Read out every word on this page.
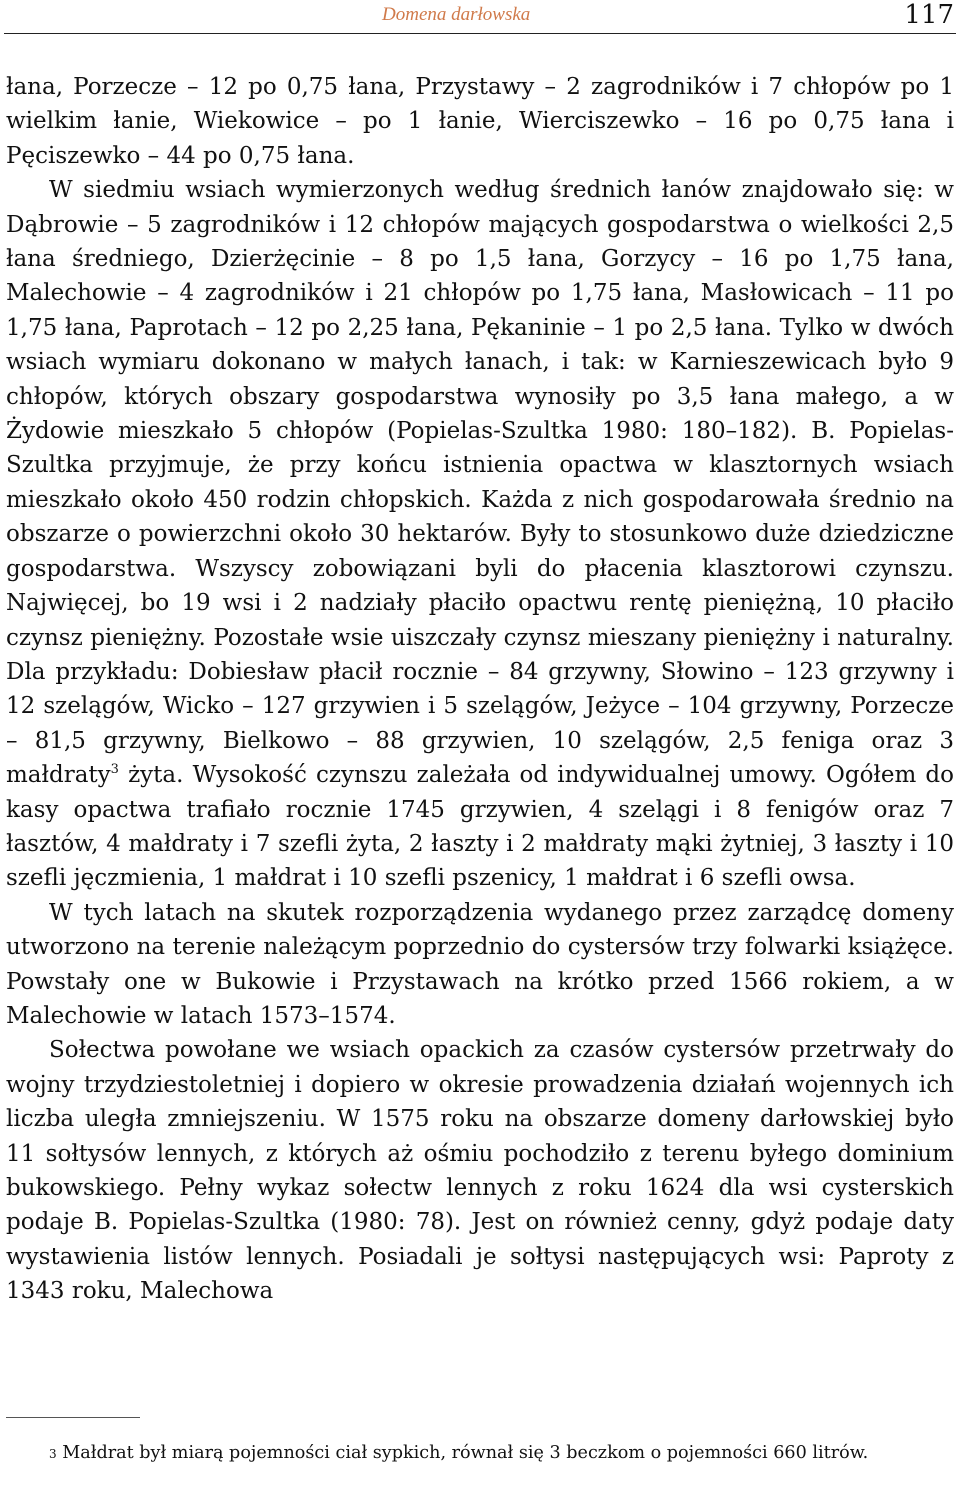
Domena darłowska	117

łana, Porzecze – 12 po 0,75 łana, Przystawy – 2 zagrodników i 7 chłopów po 1 wielkim łanie, Wiekowice – po 1 łanie, Wierciszewko – 16 po 0,75 łana i Pęciszewko – 44 po 0,75 łana.

W siedmiu wsiach wymierzonych według średnich łanów znajdowało się: w Dąbrowie – 5 zagrodników i 12 chłopów mających gospodarstwa o wielkości 2,5 łana średniego, Dzierżęcinie – 8 po 1,5 łana, Gorzycy – 16 po 1,75 łana, Malechowie – 4 zagrodników i 21 chłopów po 1,75 łana, Masłowicach – 11 po 1,75 łana, Paprotach – 12 po 2,25 łana, Pękaninie – 1 po 2,5 łana. Tylko w dwóch wsiach wymiaru dokonano w małych łanach, i tak: w Karnieszewicach było 9 chłopów, których obszary gospodarstwa wynosiły po 3,5 łana małego, a w Żydowie mieszkało 5 chłopów (Popielas-Szultka 1980: 180–182). B. Popielas-Szultka przyjmuje, że przy końcu istnienia opactwa w klasztornych wsiach mieszkało około 450 rodzin chłopskich. Każda z nich gospodarowała średnio na obszarze o powierzchni około 30 hektarów. Były to stosunkowo duże dziedziczne gospodarstwa. Wszyscy zobowiązani byli do płacenia klasztorowi czynszu. Najwięcej, bo 19 wsi i 2 nadziały płaciło opactwu rentę pieniężną, 10 płaciło czynsz pieniężny. Pozostałe wsie uiszczały czynsz mieszany pieniężny i naturalny. Dla przykładu: Dobiesław płacił rocznie – 84 grzywny, Słowino – 123 grzywny i 12 szelągów, Wicko – 127 grzywien i 5 szelągów, Jeżyce – 104 grzywny, Porzecze – 81,5 grzywny, Bielkowo – 88 grzywien, 10 szelągów, 2,5 feniga oraz 3 małdraty$^3$ żyta. Wysokość czynszu zależała od indywidualnej umowy. Ogółem do kasy opactwa trafiało rocznie 1745 grzywien, 4 szelągi i 8 fenigów oraz 7 łasztów, 4 małdraty i 7 szefli żyta, 2 łaszty i 2 małdraty mąki żytniej, 3 łaszty i 10 szefli jęczmienia, 1 małdrat i 10 szefli pszenicy, 1 małdrat i 6 szefli owsa.

W tych latach na skutek rozporządzenia wydanego przez zarządcę domeny utworzono na terenie należącym poprzednio do cystersów trzy folwarki książęce. Powstały one w Bukowie i Przystawach na krótko przed 1566 rokiem, a w Malechowie w latach 1573–1574.

Sołectwa powołane we wsiach opackich za czasów cystersów przetrwały do wojny trzydziestoletniej i dopiero w okresie prowadzenia działań wojennych ich liczba uległa zmniejszeniu. W 1575 roku na obszarze domeny darłowskiej było 11 sołtysów lennych, z których aż ośmiu pochodziło z terenu byłego dominium bukowskiego. Pełny wykaz sołectw lennych z roku 1624 dla wsi cysterskich podaje B. Popielas-Szultka (1980: 78). Jest on również cenny, gdyż podaje daty wystawienia listów lennych. Posiadali je sołtysi następujących wsi: Paproty z 1343 roku, Malechowa

3 Małdrat był miarą pojemności ciał sypkich, równał się 3 beczkom o pojemności 660 litrów.
